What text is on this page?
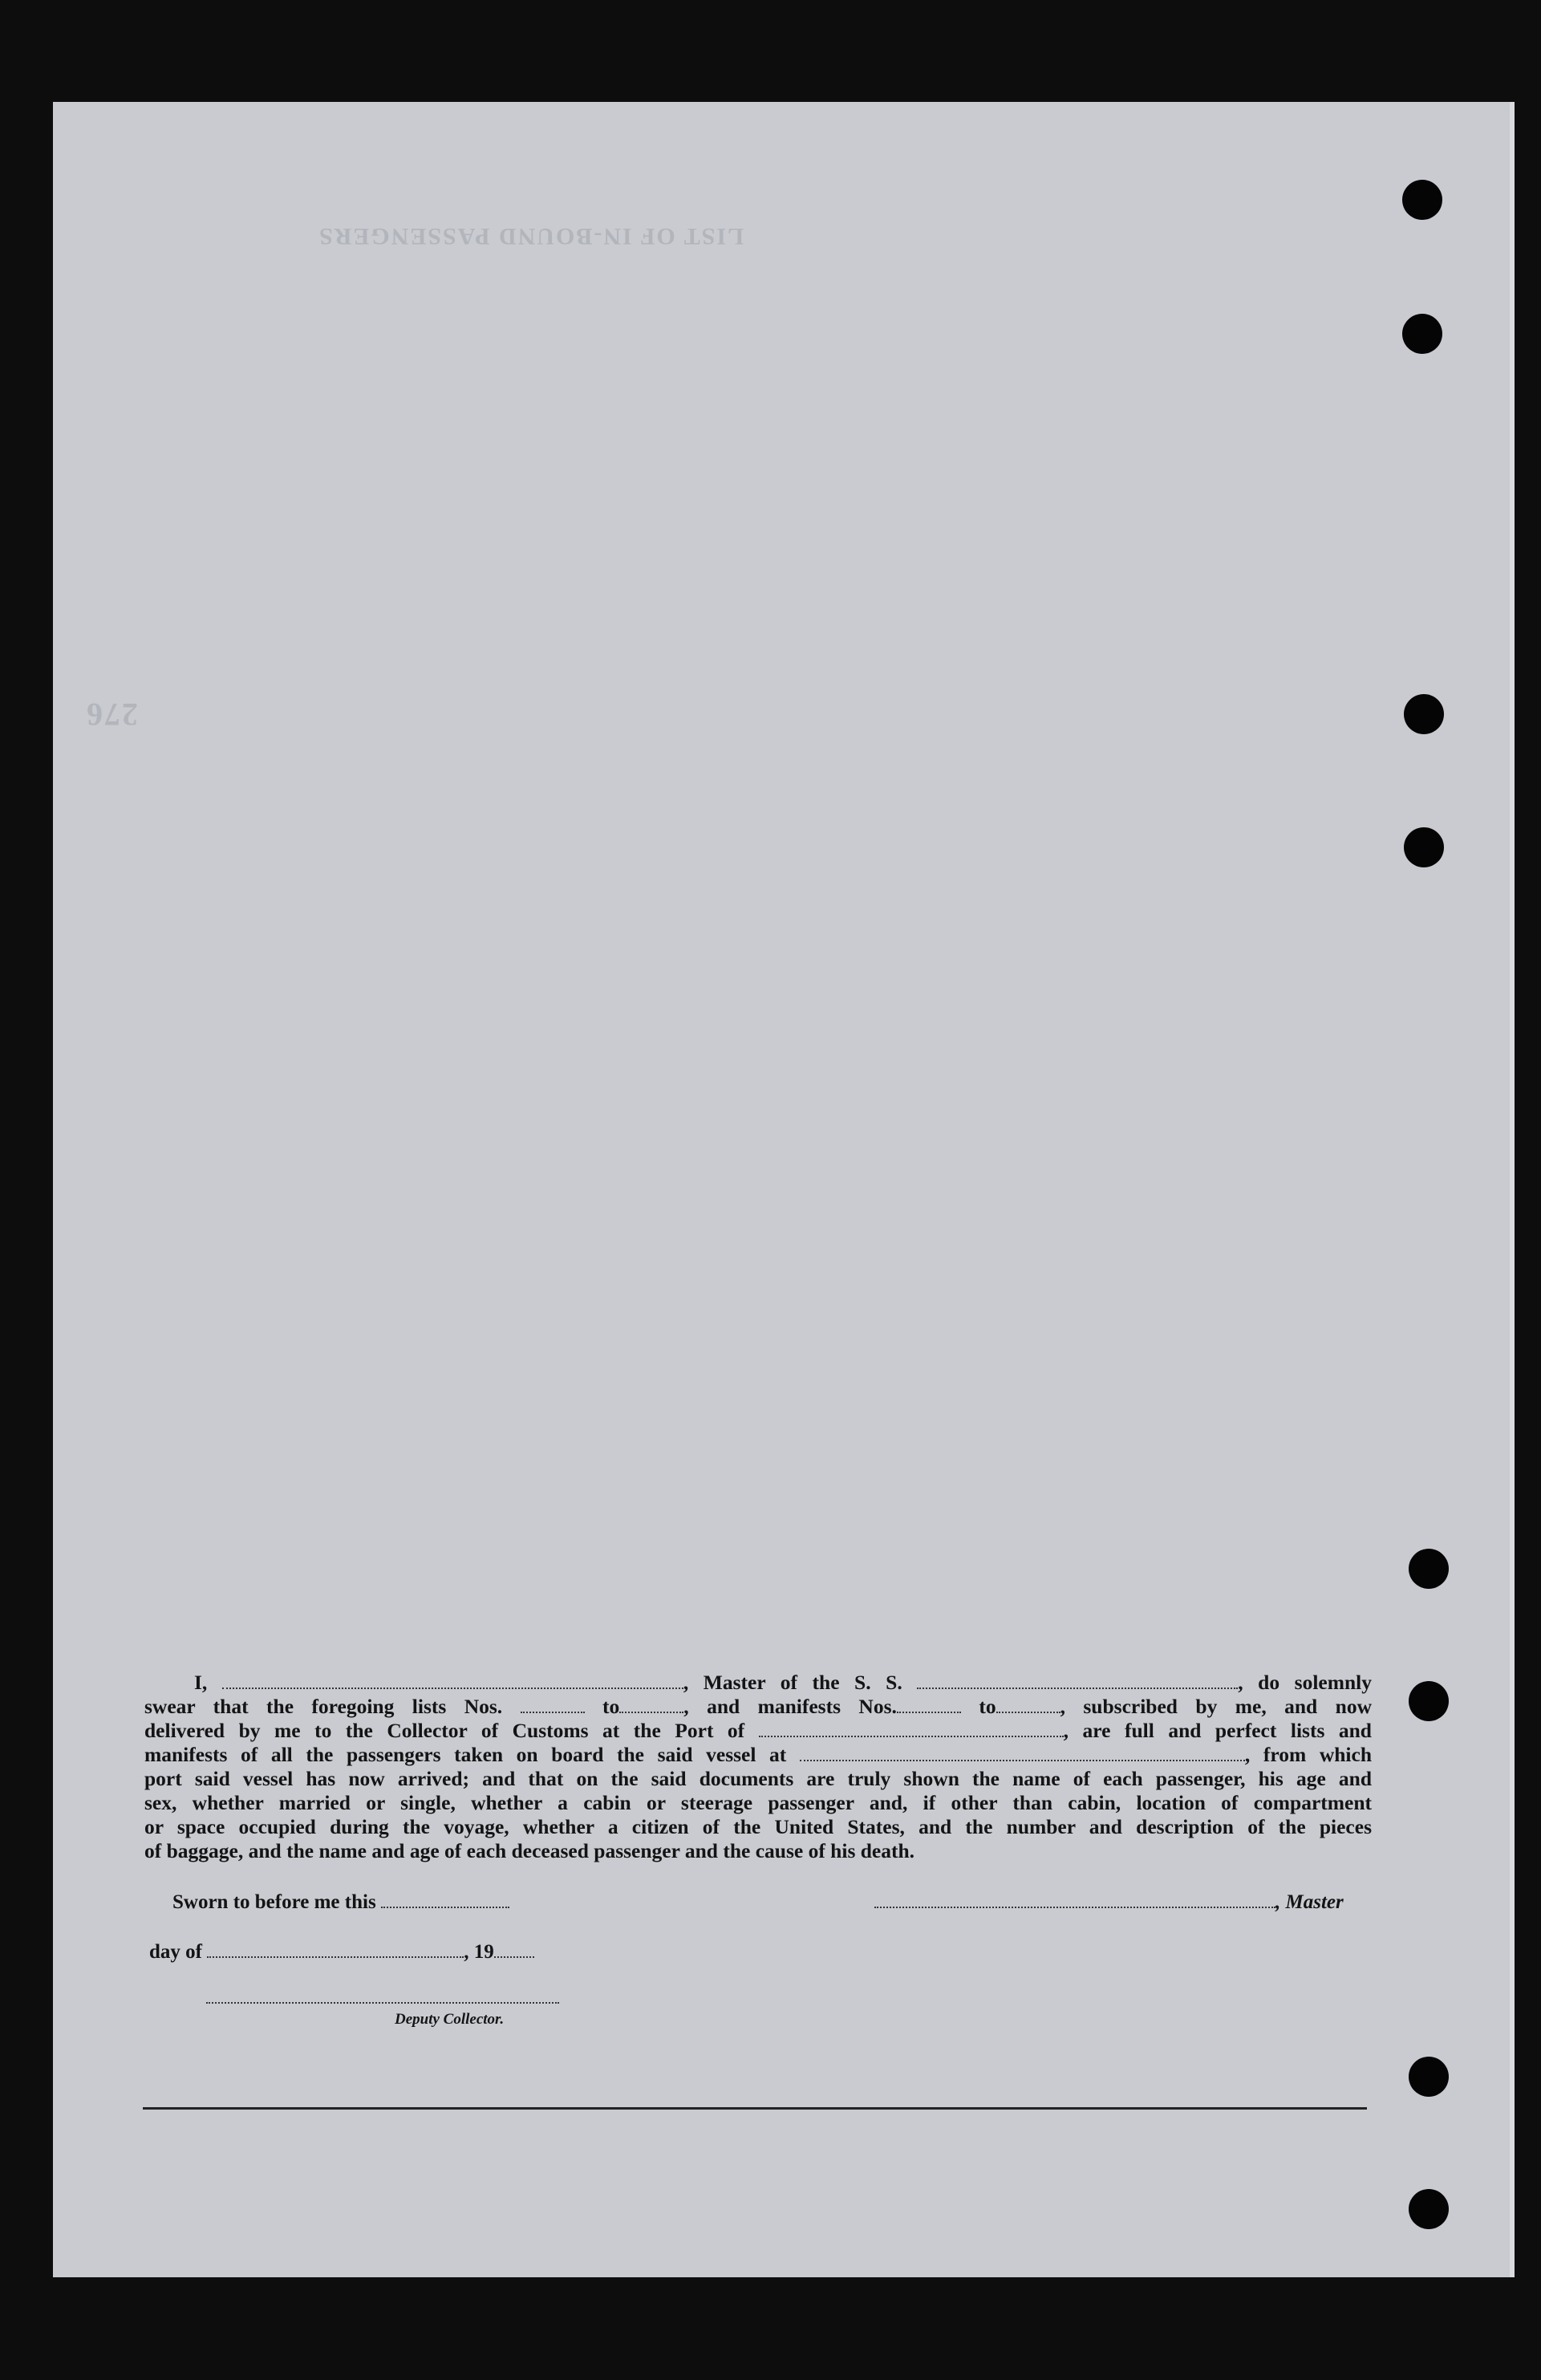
LIST OF IN-BOUND PASSENGERS
276
I,	, Master of the S. S.	, do solemnly
swear that the foregoing lists Nos.	to	, and manifests Nos.	to	, subscribed by me, and now
delivered by me to the Collector of Customs at the Port of	, are full and perfect lists and
manifests of all the passengers taken on board the said vessel at	, from which
port said vessel has now arrived; and that on the said documents are truly shown the name of each passenger, his age and
sex, whether married or single, whether a cabin or steerage passenger and, if other than cabin, location of compartment
or space occupied during the voyage, whether a citizen of the United States, and the number and description of the pieces
of baggage, and the name and age of each deceased passenger and the cause of his death.
Sworn to before me this	, Master
day of	, 19
Deputy Collector.
